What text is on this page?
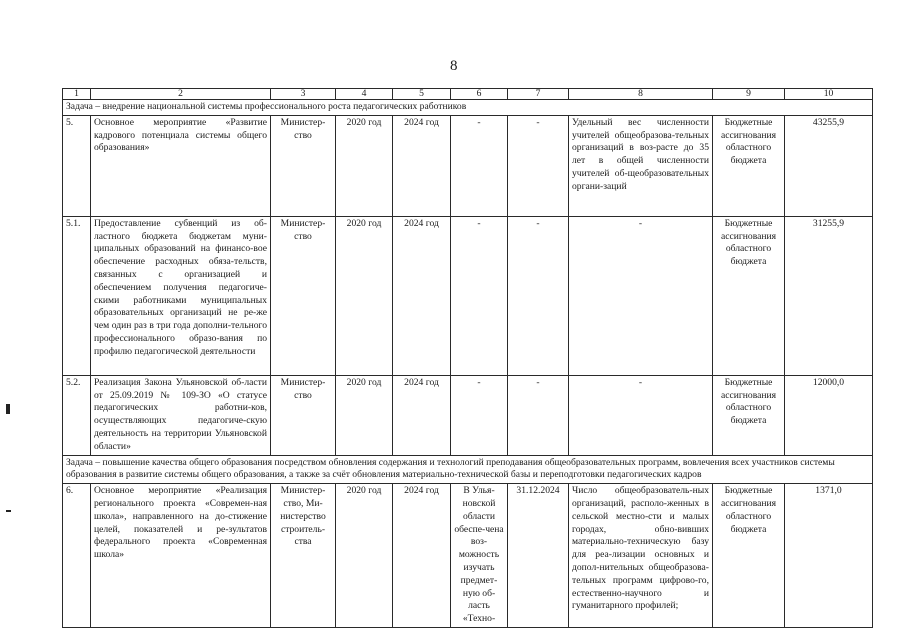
8
1	2	3	4	5	6	7	8	9	10
Задача – внедрение национальной системы профессионального роста педагогических работников									
5.	Основное мероприятие «Развитие кадрового потенциала системы общего образования»	Министер-ство	2020 год	2024 год	-	-	Удельный вес численности учителей общеобразова-тельных организаций в воз-расте до 35 лет в общей численности учителей об-щеобразовательных органи-заций	Бюджетные ассигнования областного бюджета	43255,9
5.1.	Предоставление субвенций из об-ластного бюджета бюджетам муни-ципальных образований на финансо-вое обеспечение расходных обяза-тельств, связанных с организацией и обеспечением получения педагогиче-скими работниками муниципальных образовательных организаций не ре-же чем один раз в три года дополни-тельного профессионального образо-вания по профилю педагогической деятельности	Министер-ство	2020 год	2024 год	-	-	-	Бюджетные ассигнования областного бюджета	31255,9
5.2.	Реализация Закона Ульяновской об-ласти от 25.09.2019 № 109-ЗО «О статусе педагогических работни-ков, осуществляющих педагогиче-скую деятельность на территории Ульяновской области»	Министер-ство	2020 год	2024 год	-	-	-	Бюджетные ассигнования областного бюджета	12000,0
Задача – повышение качества общего образования посредством обновления содержания и технологий преподавания общеобразовательных программ, вовлечения всех участников системы образования в развитие системы общего образования, а также за счёт обновления материально-технической базы и переподготовки педагогических кадров									
6.	Основное мероприятие «Реализация регионального проекта «Современ-ная школа», направленного на до-стижение целей, показателей и ре-зультатов федерального проекта «Современная школа»	Министер-ство, Ми-нистерство строитель-ства	2020 год	2024 год	В Улья-новской области обеспе-чена воз-можность изучать предмет-ную об-ласть «Техно-	31.12.2024	Число общеобразователь-ных организаций, располо-женных в сельской местно-сти и малых городах, обно-вивших материально-техническую базу для реа-лизации основных и допол-нительных общеобразова-тельных программ цифрово-го, естественно-научного и гуманитарного профилей;	Бюджетные ассигнования областного бюджета	1371,0
